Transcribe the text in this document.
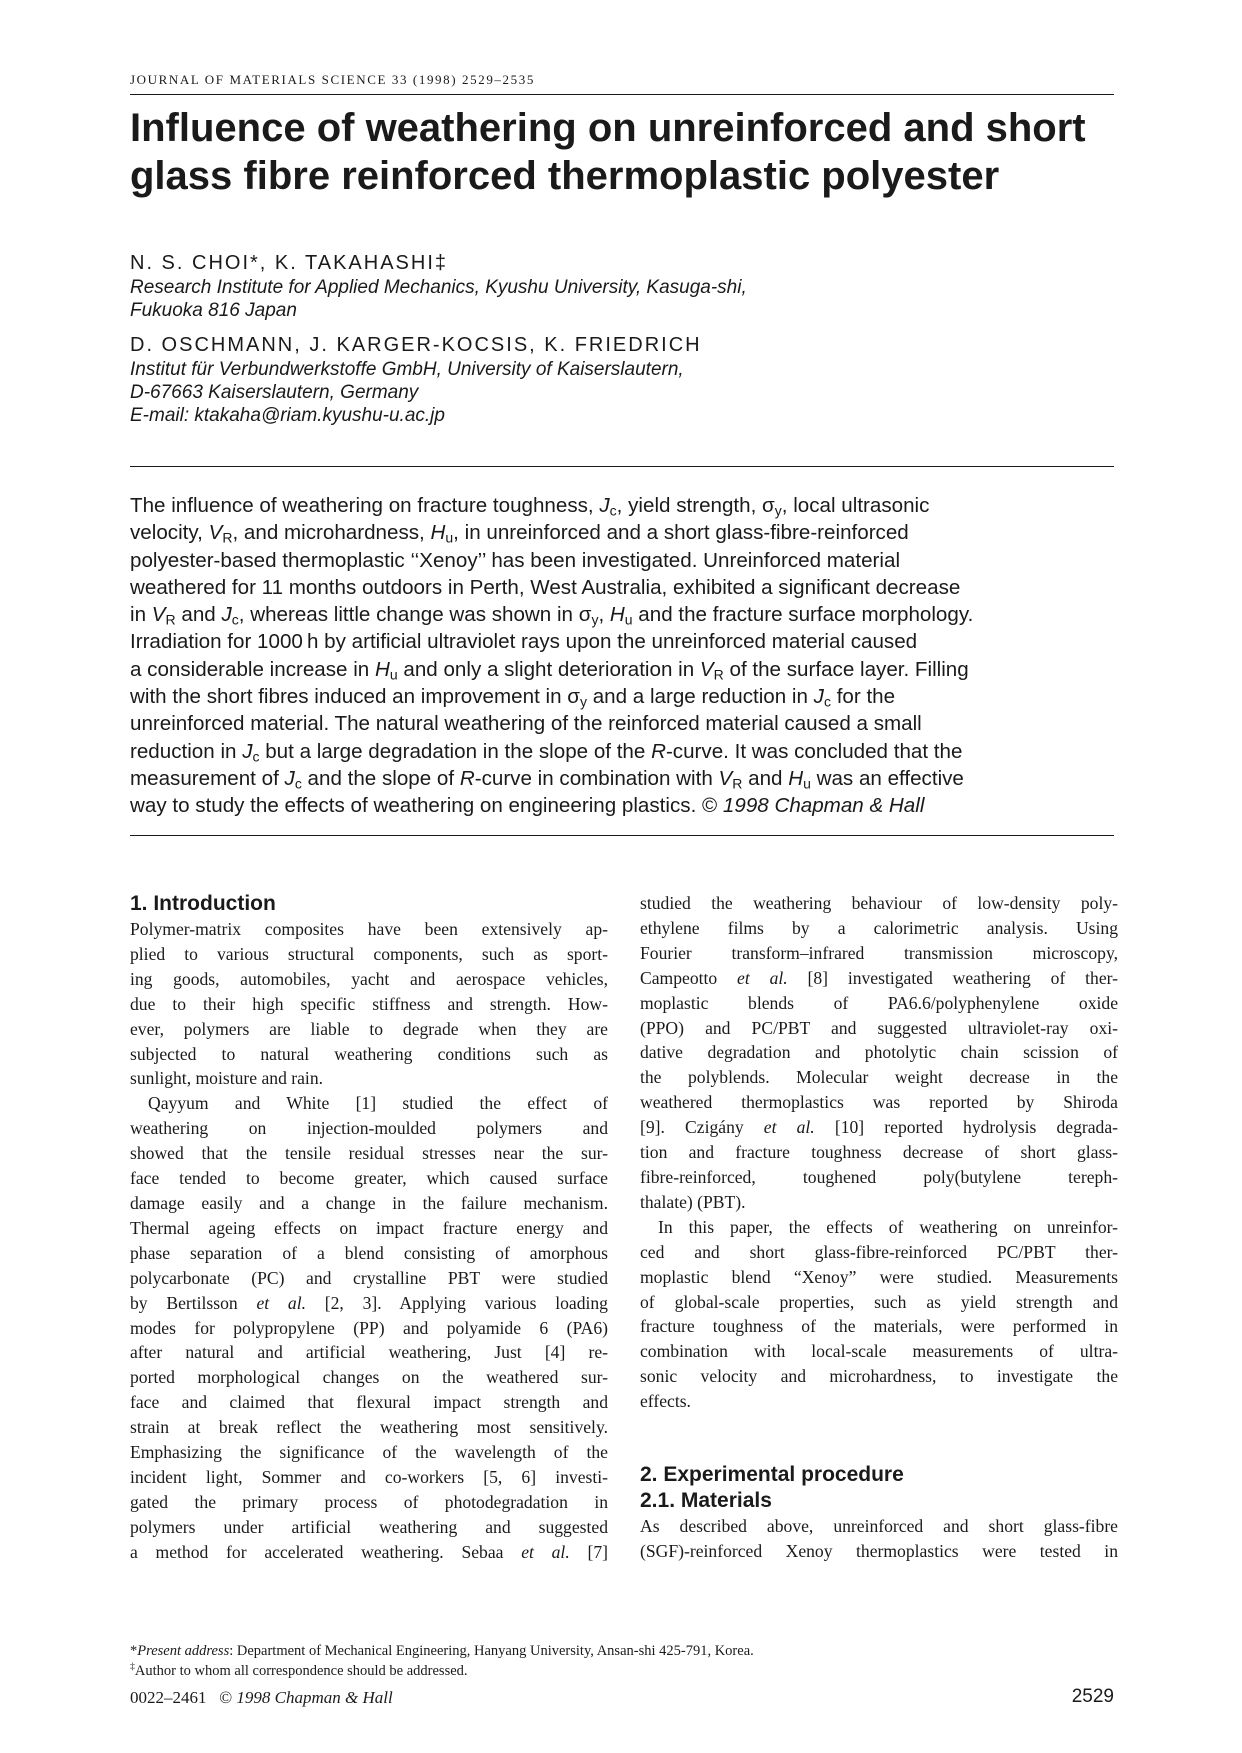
JOURNAL OF MATERIALS SCIENCE 33 (1998) 2529–2535
Influence of weathering on unreinforced and short glass fibre reinforced thermoplastic polyester
N. S. CHOI*, K. TAKAHASHI‡
Research Institute for Applied Mechanics, Kyushu University, Kasuga-shi,
Fukuoka 816 Japan
D. OSCHMANN, J. KARGER-KOCSIS, K. FRIEDRICH
Institut für Verbundwerkstoffe GmbH, University of Kaiserslautern,
D-67663 Kaiserslautern, Germany
E-mail: ktakaha@riam.kyushu-u.ac.jp
The influence of weathering on fracture toughness, $J_c$, yield strength, $\sigma_y$, local ultrasonic
velocity, $V_R$, and microhardness, $H_u$, in unreinforced and a short glass-fibre-reinforced
polyester-based thermoplastic ‘‘Xenoy’’ has been investigated. Unreinforced material
weathered for 11 months outdoors in Perth, West Australia, exhibited a significant decrease
in $V_R$ and $J_c$, whereas little change was shown in $\sigma_y$, $H_u$ and the fracture surface morphology.
Irradiation for 1000 h by artificial ultraviolet rays upon the unreinforced material caused
a considerable increase in $H_u$ and only a slight deterioration in $V_R$ of the surface layer. Filling
with the short fibres induced an improvement in $\sigma_y$ and a large reduction in $J_c$ for the
unreinforced material. The natural weathering of the reinforced material caused a small
reduction in $J_c$ but a large degradation in the slope of the R-curve. It was concluded that the
measurement of $J_c$ and the slope of R-curve in combination with $V_R$ and $H_u$ was an effective
way to study the effects of weathering on engineering plastics. © 1998 Chapman & Hall
1. Introduction

Polymer-matrix composites have been extensively ap-
plied to various structural components, such as sport-
ing goods, automobiles, yacht and aerospace vehicles,
due to their high specific stiffness and strength. How-
ever, polymers are liable to degrade when they are
subjected to natural weathering conditions such as
sunlight, moisture and rain.

Qayyum and White [1] studied the effect of
weathering on injection-moulded polymers and
showed that the tensile residual stresses near the sur-
face tended to become greater, which caused surface
damage easily and a change in the failure mechanism.
Thermal ageing effects on impact fracture energy and
phase separation of a blend consisting of amorphous
polycarbonate (PC) and crystalline PBT were studied
by Bertilsson et al. [2, 3]. Applying various loading
modes for polypropylene (PP) and polyamide 6 (PA6)
after natural and artificial weathering, Just [4] re-
ported morphological changes on the weathered sur-
face and claimed that flexural impact strength and
strain at break reflect the weathering most sensitively.
Emphasizing the significance of the wavelength of the
incident light, Sommer and co-workers [5, 6] investi-
gated the primary process of photodegradation in
polymers under artificial weathering and suggested
a method for accelerated weathering. Sebaa et al. [7]

studied the weathering behaviour of low-density poly-
ethylene films by a calorimetric analysis. Using
Fourier transform–infrared transmission microscopy,
Campeotto et al. [8] investigated weathering of ther-
moplastic blends of PA6.6/polyphenylene oxide
(PPO) and PC/PBT and suggested ultraviolet-ray oxi-
dative degradation and photolytic chain scission of
the polyblends. Molecular weight decrease in the
weathered thermoplastics was reported by Shiroda
[9]. Czigány et al. [10] reported hydrolysis degrada-
tion and fracture toughness decrease of short glass-
fibre-reinforced, toughened poly(butylene tereph-
thalate) (PBT).

In this paper, the effects of weathering on unreinfor-
ced and short glass-fibre-reinforced PC/PBT ther-
moplastic blend “Xenoy” were studied. Measurements
of global-scale properties, such as yield strength and
fracture toughness of the materials, were performed in
combination with local-scale measurements of ultra-
sonic velocity and microhardness, to investigate the
effects.

2. Experimental procedure
2.1. Materials

As described above, unreinforced and short glass-fibre
(SGF)-reinforced Xenoy thermoplastics were tested in

*Present address: Department of Mechanical Engineering, Hanyang University, Ansan-shi 425-791, Korea.
‡Author to whom all correspondence should be addressed.
0022–2461   © 1998 Chapman & Hall	2529
